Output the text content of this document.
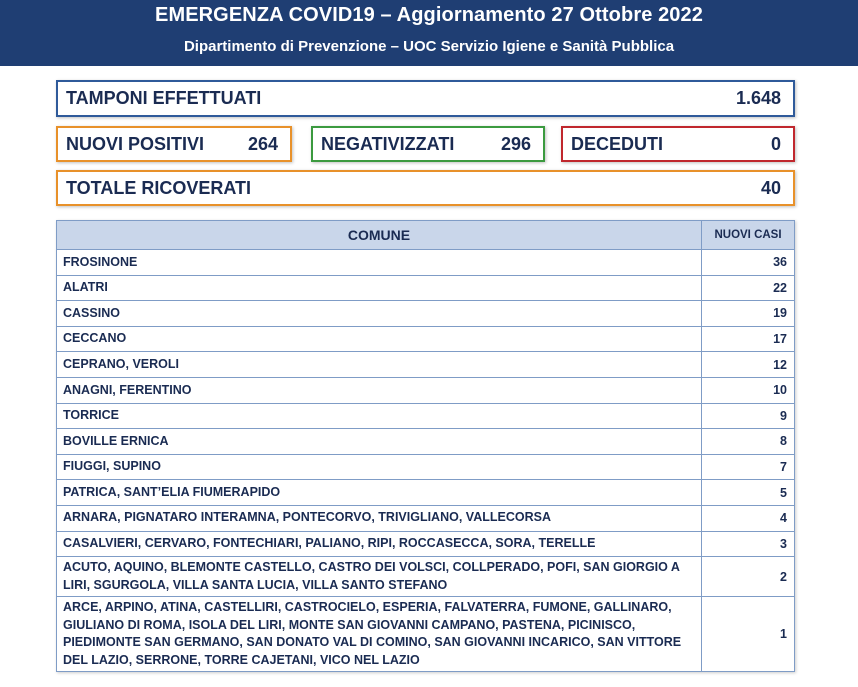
EMERGENZA COVID19 – Aggiornamento 27 Ottobre 2022
Dipartimento di Prevenzione – UOC Servizio Igiene e Sanità Pubblica
TAMPONI EFFETTUATI	1.648
NUOVI POSITIVI 264	NEGATIVIZZATI	296	DECEDUTI	0
TOTALE RICOVERATI	40
COMUNE	NUOVI CASI
FROSINONE	36
ALATRI	22
CASSINO	19
CECCANO	17
CEPRANO, VEROLI	12
ANAGNI, FERENTINO	10
TORRICE	9
BOVILLE ERNICA	8
FIUGGI, SUPINO	7
PATRICA, SANT’ELIA FIUMERAPIDO	5
ARNARA, PIGNATARO INTERAMNA, PONTECORVO, TRIVIGLIANO, VALLECORSA	4
CASALVIERI, CERVARO, FONTECHIARI, PALIANO, RIPI, ROCCASECCA, SORA, TERELLE	3
ACUTO, AQUINO, BLEMONTE CASTELLO, CASTRO DEI VOLSCI, COLLPERADO, POFI, SAN GIORGIO A LIRI, SGURGOLA, VILLA SANTA LUCIA, VILLA SANTO STEFANO	2
ARCE, ARPINO, ATINA, CASTELLIRI, CASTROCIELO, ESPERIA, FALVATERRA, FUMONE, GALLINARO, GIULIANO DI ROMA, ISOLA DEL LIRI, MONTE SAN GIOVANNI CAMPANO, PASTENA, PICINISCO, PIEDIMONTE SAN GERMANO, SAN DONATO VAL DI COMINO, SAN GIOVANNI INCARICO, SAN VITTORE DEL LAZIO, SERRONE, TORRE CAJETANI, VICO NEL LAZIO	1
